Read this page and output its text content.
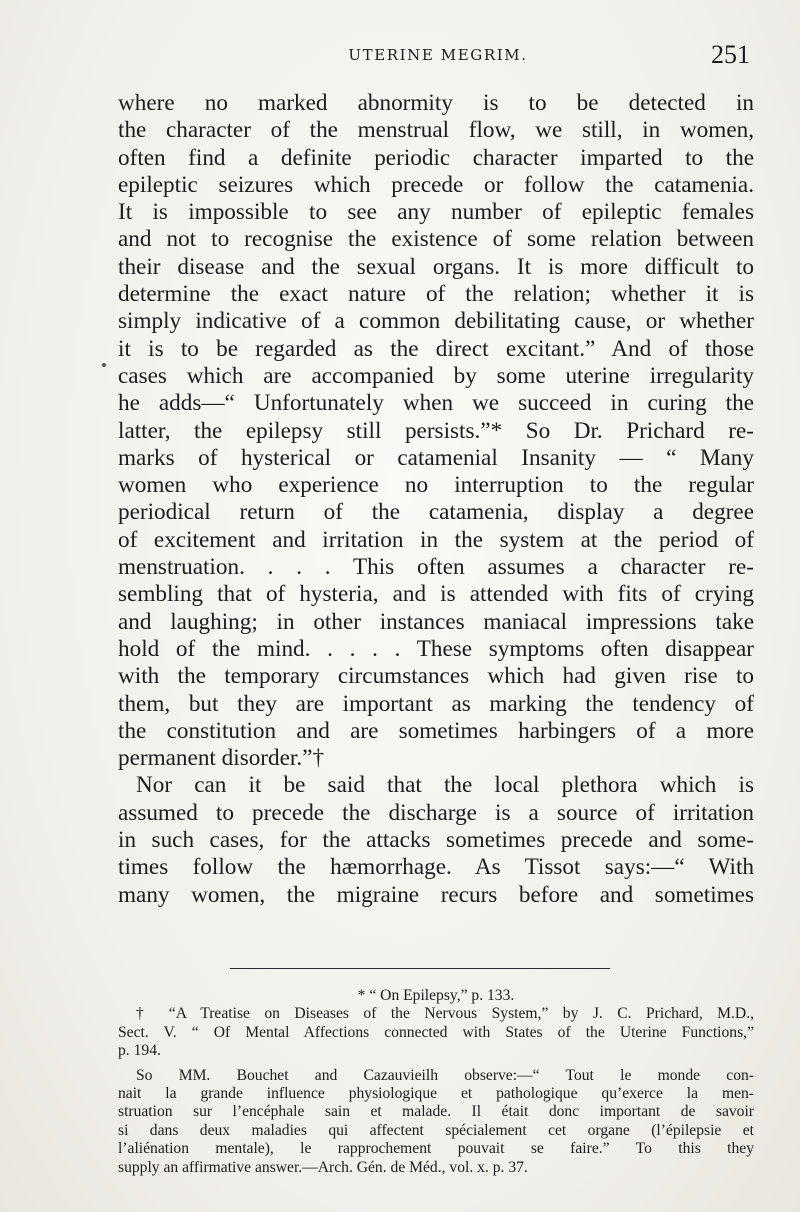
UTERINE MEGRIM.	251
where no marked abnormity is to be detected in
the character of the menstrual flow, we still, in women,
often find a definite periodic character imparted to the
epileptic seizures which precede or follow the catamenia.
It is impossible to see any number of epileptic females
and not to recognise the existence of some relation between
their disease and the sexual organs. It is more difficult to
determine the exact nature of the relation; whether it is
simply indicative of a common debilitating cause, or whether
it is to be regarded as the direct excitant.” And of those
cases which are accompanied by some uterine irregularity
he adds—“ Unfortunately when we succeed in curing the
latter, the epilepsy still persists.”* So Dr. Prichard re-
marks of hysterical or catamenial Insanity — “ Many
women who experience no interruption to the regular
periodical return of the catamenia, display a degree
of excitement and irritation in the system at the period of
menstruation. . . . This often assumes a character re-
sembling that of hysteria, and is attended with fits of crying
and laughing; in other instances maniacal impressions take
hold of the mind. . . . . These symptoms often disappear
with the temporary circumstances which had given rise to
them, but they are important as marking the tendency of
the constitution and are sometimes harbingers of a more
permanent disorder.”†
Nor can it be said that the local plethora which is
assumed to precede the discharge is a source of irritation
in such cases, for the attacks sometimes precede and some-
times follow the hæmorrhage. As Tissot says:—“ With
many women, the migraine recurs before and sometimes
* “ On Epilepsy,” p. 133.
† “A Treatise on Diseases of the Nervous System,” by J. C. Prichard, M.D.,
Sect. V. “ Of Mental Affections connected with States of the Uterine Functions,”
p. 194.
So MM. Bouchet and Cazauvieilh observe:—“ Tout le monde con-
nait la grande influence physiologique et pathologique qu’exerce la men-
struation sur l’encéphale sain et malade. Il était donc important de savoir
si dans deux maladies qui affectent spécialement cet organe (l’épilepsie et
l’aliénation mentale), le rapprochement pouvait se faire.” To this they
supply an affirmative answer.—Arch. Gén. de Méd., vol. x. p. 37.
